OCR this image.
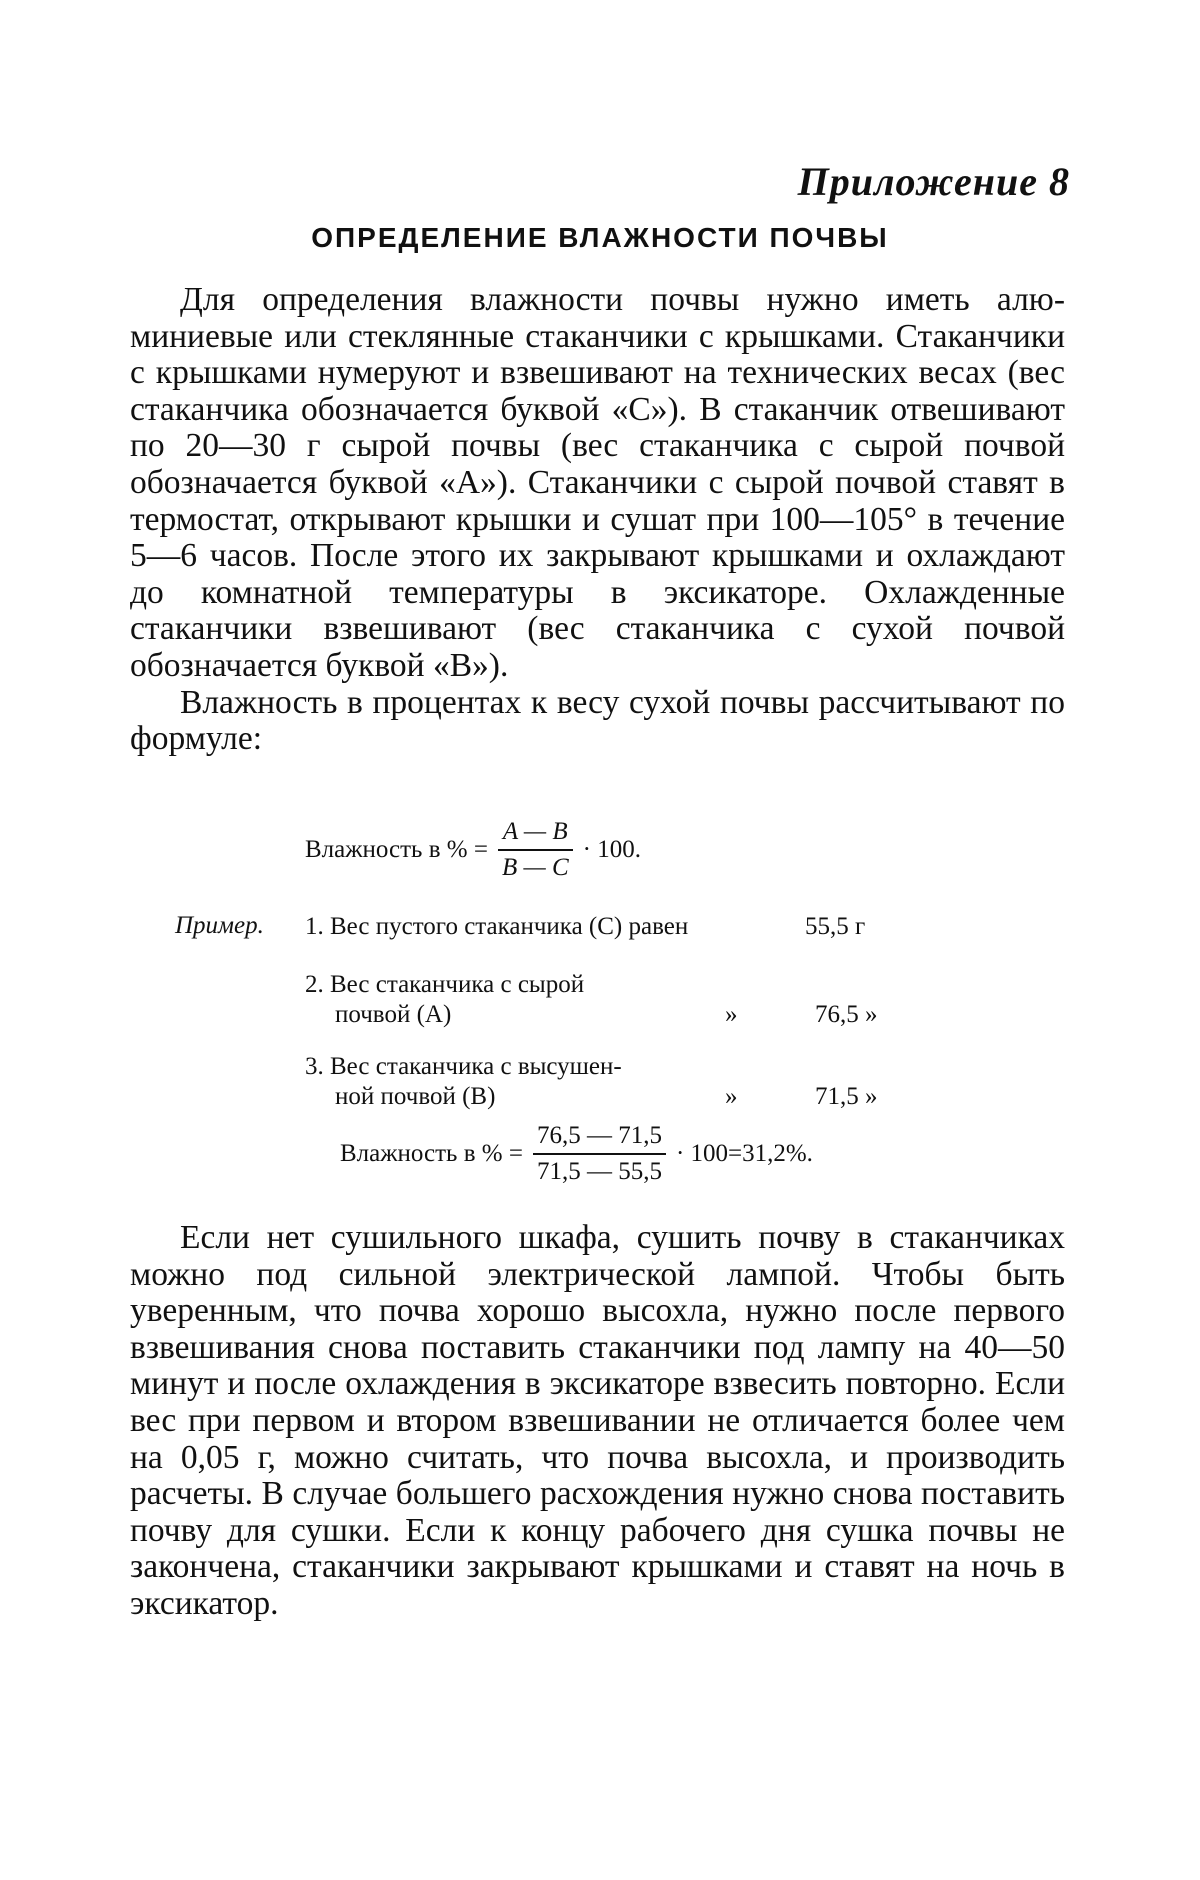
Приложение 8
ОПРЕДЕЛЕНИЕ ВЛАЖНОСТИ ПОЧВЫ

Для определения влажности почвы нужно иметь алюминиевые или стеклянные стаканчики с крышками. Стаканчики с крышками нумеруют и взвешивают на технических весах (вес стаканчика обозначается буквой «С»). В стаканчик отвешивают по 20—30 г сырой почвы (вес стаканчика с сырой почвой обозначается буквой «А»). Стаканчики с сырой почвой ставят в термостат, открывают крышки и сушат при 100—105° в течение 5—6 часов. После этого их закрывают крышками и охлаждают до комнатной температуры в эксикаторе. Охлажденные стаканчики взвешивают (вес стаканчика с сухой почвой обозначается буквой «В»).

Влажность в процентах к весу сухой почвы рассчитывают по формуле:

Влажность в % = $\frac{A — B}{B — C} \cdot 100$.
Пример. 1. Вес пустого стаканчика (С) равен	55,5 г
2. Вес стаканчика с сырой
почвой (А)	»	76,5 »
3. Вес стаканчика с высушен-
ной почвой (В)	»	71,5 »
Влажность в % = $\frac{76,5 — 71,5}{71,5 — 55,5} \cdot 100=31,2\%$.

Если нет сушильного шкафа, сушить почву в стаканчиках можно под сильной электрической лампой. Чтобы быть уверенным, что почва хорошо высохла, нужно после первого взвешивания снова поставить стаканчики под лампу на 40—50 минут и после охлаждения в эксикаторе взвесить повторно. Если вес при первом и втором взвешивании не отличается более чем на 0,05 г, можно считать, что почва высохла, и производить расчеты. В случае большего расхождения нужно снова поставить почву для сушки. Если к концу рабочего дня сушка почвы не закончена, стаканчики закрывают крышками и ставят на ночь в эксикатор.
